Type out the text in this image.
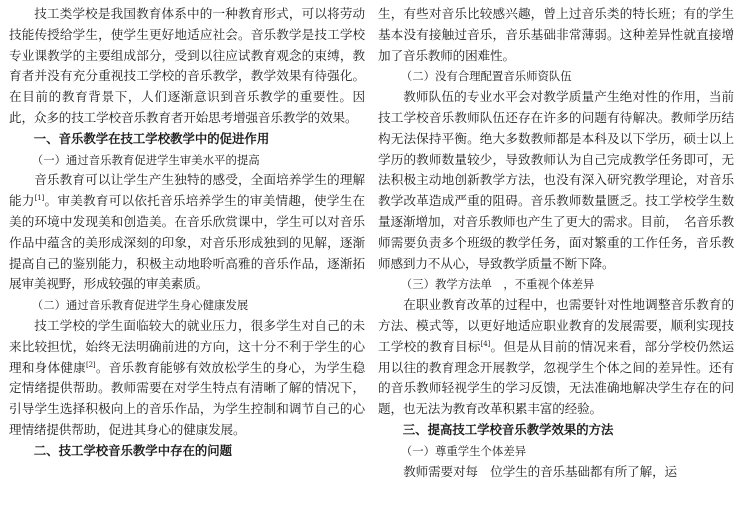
技工类学校是我国教育体系中的一种教育形式，可以将劳动技能传授给学生，使学生更好地适应社会。音乐教学是技工学校专业课教学的主要组成部分，受到以往应试教育观念的束缚，教育者并没有充分重视技工学校的音乐教学，教学效果有待强化。在目前的教育背景下，人们逐渐意识到音乐教学的重要性。因此，众多的技工学校音乐教育者开始思考增强音乐教学的效果。

一、音乐教学在技工学校教学中的促进作用

（一）通过音乐教育促进学生审美水平的提高

音乐教育可以让学生产生独特的感受，全面培养学生的理解能力[1]。审美教育可以依托音乐培养学生的审美情趣，使学生在美的环境中发现美和创造美。在音乐欣赏课中，学生可以对音乐作品中蕴含的美形成深刻的印象，对音乐形成独到的见解，逐渐提高自己的鉴别能力，积极主动地聆听高雅的音乐作品，逐渐拓展审美视野，形成较强的审美素质。

（二）通过音乐教育促进学生身心健康发展

技工学校的学生面临较大的就业压力，很多学生对自己的未来比较担忧，始终无法明确前进的方向，这十分不利于学生的心理和身体健康[2]。音乐教育能够有效放松学生的身心，为学生稳定情绪提供帮助。教师需要在对学生特点有清晰了解的情况下，引导学生选择积极向上的音乐作品，为学生控制和调节自己的心理情绪提供帮助，促进其身心的健康发展。

二、技工学校音乐教学中存在的问题

生，有些对音乐比较感兴趣，曾上过音乐类的特长班；有的学生基本没有接触过音乐，音乐基础非常薄弱。这种差异性就直接增加了音乐教师的困难性。

（二）没有合理配置音乐师资队伍

教师队伍的专业水平会对教学质量产生绝对性的作用，当前技工学校音乐教师队伍还存在许多的问题有待解决。教师学历结构无法保持平衡。绝大多数教师都是本科及以下学历，硕士以上学历的教师数量较少，导致教师认为自己完成教学任务即可，无法积极主动地创新教学方法，也没有深入研究教学理论，对音乐教学改革造成严重的阻碍。音乐教师数量匮乏。技工学校学生数量逐渐增加，对音乐教师也产生了更大的需求。目前，　名音乐教师需要负责多个班级的教学任务，面对繁重的工作任务，音乐教师感到力不从心，导致教学质量不断下降。

（三）教学方法单　，不重视个体差异

在职业教育改革的过程中，也需要针对性地调整音乐教育的方法、模式等，以更好地适应职业教育的发展需要，顺利实现技工学校的教育目标[4]。但是从目前的情况来看，部分学校仍然运用以往的教育理念开展教学，忽视学生个体之间的差异性。还有的音乐教师轻视学生的学习反馈，无法准确地解决学生存在的问题，也无法为教育改革积累丰富的经验。

三、提高技工学校音乐教学效果的方法

（一）尊重学生个体差异

教师需要对每　位学生的音乐基础都有所了解，运
